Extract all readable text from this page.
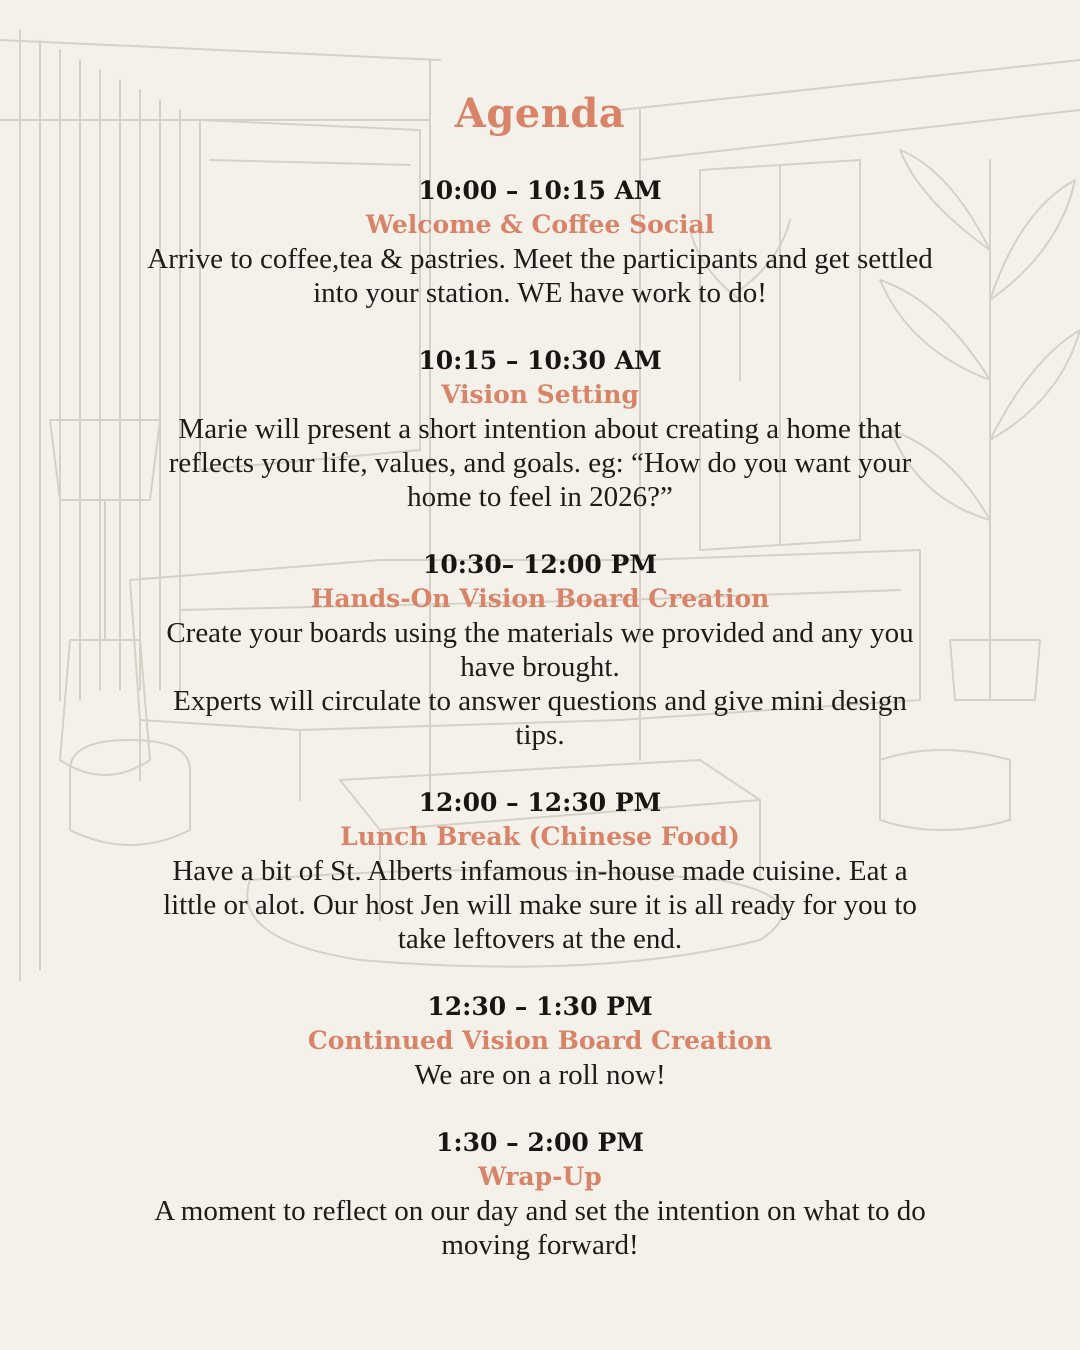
Agenda
10:00 – 10:15 AM
Welcome & Coffee Social
Arrive to coffee,tea & pastries. Meet the participants and get settled
into your station. WE have work to do!
10:15 – 10:30 AM
Vision Setting
Marie will present a short intention about creating a home that
reflects your life, values, and goals. eg: “How do you want your
home to feel in 2026?”
10:30– 12:00 PM
Hands-On Vision Board Creation
Create your boards using the materials we provided and any you
have brought.
Experts will circulate to answer questions and give mini design
tips.
12:00 – 12:30 PM
Lunch Break (Chinese Food)
Have a bit of St. Alberts infamous in-house made cuisine. Eat a
little or alot. Our host Jen will make sure it is all ready for you to
take leftovers at the end.
12:30 – 1:30 PM
Continued Vision Board Creation
We are on a roll now!
1:30 – 2:00 PM
Wrap-Up
A moment to reflect on our day and set the intention on what to do
moving forward!
